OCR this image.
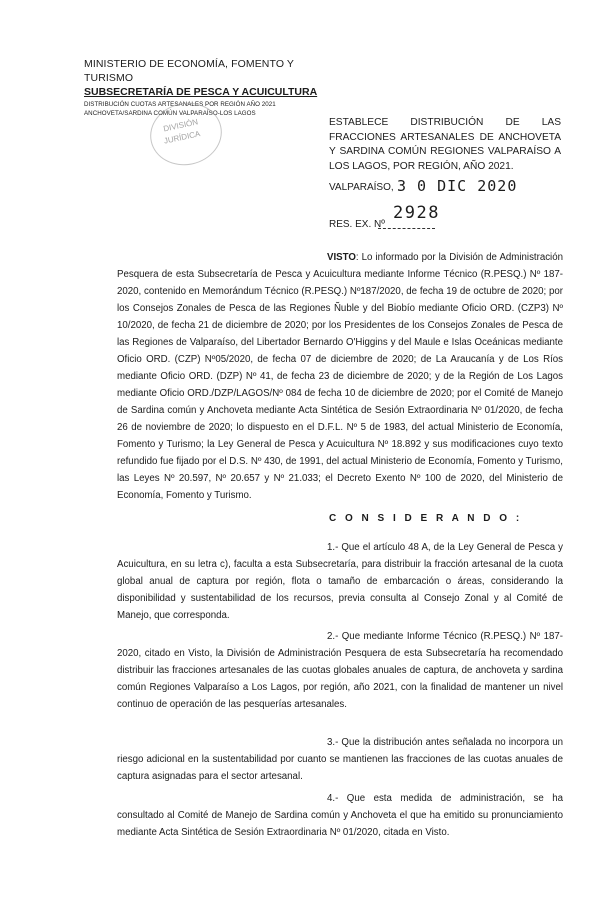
MINISTERIO DE ECONOMÍA, FOMENTO Y TURISMO
SUBSECRETARÍA DE PESCA Y ACUICULTURA
DISTRIBUCIÓN CUOTAS ARTESANALES POR REGIÓN AÑO 2021
ANCHOVETA/SARDINA COMÚN VALPARAÍSO-LOS LAGOS
DIVISIÓN
JURÍDICA
ESTABLECE DISTRIBUCIÓN DE LAS FRACCIONES ARTESANALES DE ANCHOVETA Y SARDINA COMÚN REGIONES VALPARAÍSO A LOS LAGOS, POR REGIÓN, AÑO 2021.
VALPARAÍSO, 3 0 DIC 2020
RES. EX. Nº
2928

VISTO: Lo informado por la División de Administración Pesquera de esta Subsecretaría de Pesca y Acuicultura mediante Informe Técnico (R.PESQ.) Nº 187-2020, contenido en Memorándum Técnico (R.PESQ.) Nº187/2020, de fecha 19 de octubre de 2020; por los Consejos Zonales de Pesca de las Regiones Ñuble y del Biobío mediante Oficio ORD. (CZP3) Nº 10/2020, de fecha 21 de diciembre de 2020; por los Presidentes de los Consejos Zonales de Pesca de las Regiones de Valparaíso, del Libertador Bernardo O'Higgins y del Maule e Islas Oceánicas mediante Oficio ORD. (CZP) Nº05/2020, de fecha 07 de diciembre de 2020; de La Araucanía y de Los Ríos mediante Oficio ORD. (DZP) Nº 41, de fecha 23 de diciembre de 2020; y de la Región de Los Lagos mediante Oficio ORD./DZP/LAGOS/Nº 084 de fecha 10 de diciembre de 2020; por el Comité de Manejo de Sardina común y Anchoveta mediante Acta Sintética de Sesión Extraordinaria Nº 01/2020, de fecha 26 de noviembre de 2020; lo dispuesto en el D.F.L. Nº 5 de 1983, del actual Ministerio de Economía, Fomento y Turismo; la Ley General de Pesca y Acuicultura Nº 18.892 y sus modificaciones cuyo texto refundido fue fijado por el D.S. Nº 430, de 1991, del actual Ministerio de Economía, Fomento y Turismo, las Leyes Nº 20.597, Nº 20.657 y Nº 21.033; el Decreto Exento Nº 100 de 2020, del Ministerio de Economía, Fomento y Turismo.

C O N S I D E R A N D O :

1.- Que el artículo 48 A, de la Ley General de Pesca y Acuicultura, en su letra c), faculta a esta Subsecretaría, para distribuir la fracción artesanal de la cuota global anual de captura por región, flota o tamaño de embarcación o áreas, considerando la disponibilidad y sustentabilidad de los recursos, previa consulta al Consejo Zonal y al Comité de Manejo, que corresponda.

2.- Que mediante Informe Técnico (R.PESQ.) Nº 187-2020, citado en Visto, la División de Administración Pesquera de esta Subsecretaría ha recomendado distribuir las fracciones artesanales de las cuotas globales anuales de captura, de anchoveta y sardina común Regiones Valparaíso a Los Lagos, por región, año 2021, con la finalidad de mantener un nivel continuo de operación de las pesquerías artesanales.

3.- Que la distribución antes señalada no incorpora un riesgo adicional en la sustentabilidad por cuanto se mantienen las fracciones de las cuotas anuales de captura asignadas para el sector artesanal.

4.- Que esta medida de administración, se ha consultado al Comité de Manejo de Sardina común y Anchoveta el que ha emitido su pronunciamiento mediante Acta Sintética de Sesión Extraordinaria Nº 01/2020, citada en Visto.
